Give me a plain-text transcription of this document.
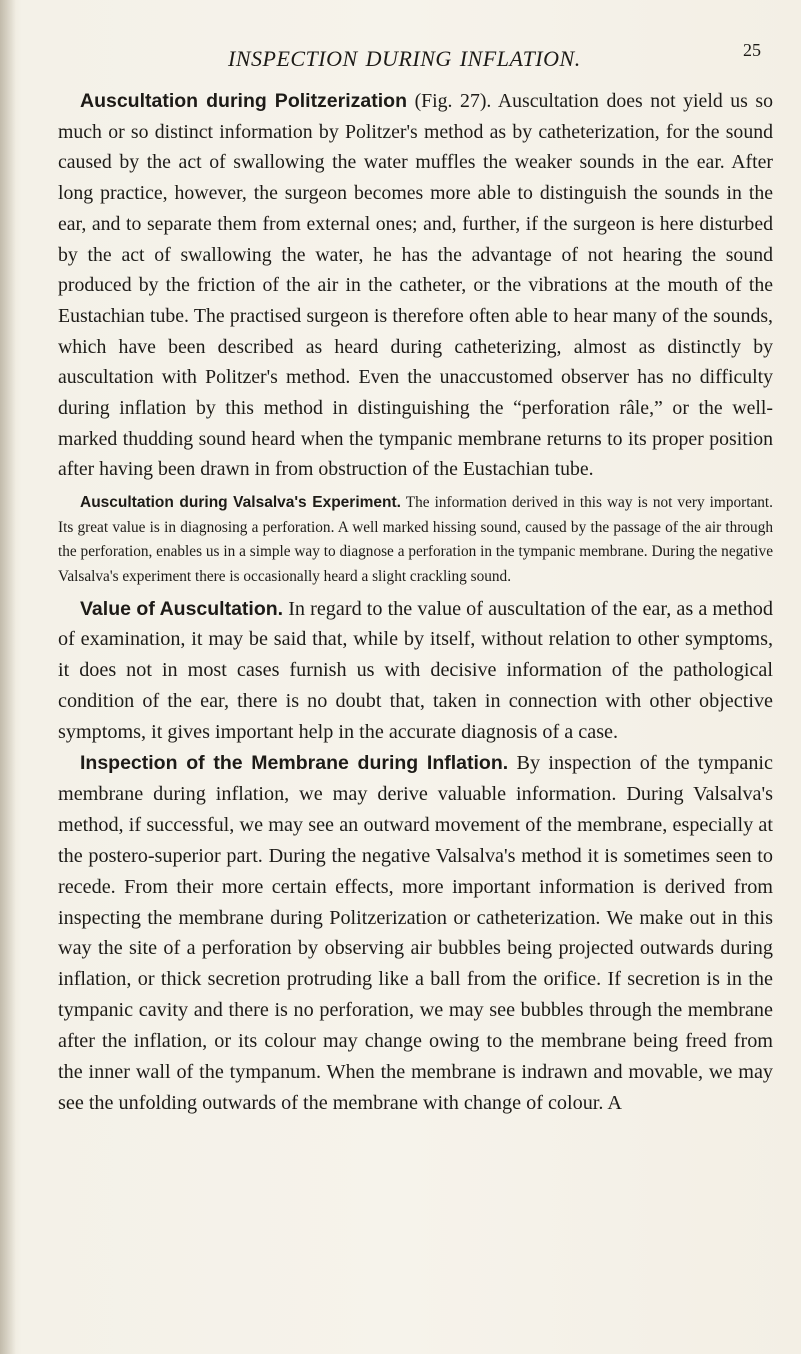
INSPECTION DURING INFLATION.	25

Auscultation during Politzerization (Fig. 27). Auscultation does not yield us so much or so distinct information by Politzer's method as by catheterization, for the sound caused by the act of swallowing the water muffles the weaker sounds in the ear. After long practice, however, the surgeon becomes more able to distinguish the sounds in the ear, and to separate them from external ones; and, further, if the surgeon is here disturbed by the act of swallowing the water, he has the advantage of not hearing the sound produced by the friction of the air in the catheter, or the vibrations at the mouth of the Eustachian tube. The practised surgeon is therefore often able to hear many of the sounds, which have been described as heard during catheterizing, almost as distinctly by auscultation with Politzer's method. Even the unaccustomed observer has no difficulty during inflation by this method in distinguishing the “perforation râle,” or the well-marked thudding sound heard when the tympanic membrane returns to its proper position after having been drawn in from obstruction of the Eustachian tube.

Auscultation during Valsalva's Experiment. The information derived in this way is not very important. Its great value is in diagnosing a perforation. A well marked hissing sound, caused by the passage of the air through the perforation, enables us in a simple way to diagnose a perforation in the tympanic membrane. During the negative Valsalva's experiment there is occasionally heard a slight crackling sound.

Value of Auscultation. In regard to the value of auscultation of the ear, as a method of examination, it may be said that, while by itself, without relation to other symptoms, it does not in most cases furnish us with decisive information of the pathological condition of the ear, there is no doubt that, taken in connection with other objective symptoms, it gives important help in the accurate diagnosis of a case.

Inspection of the Membrane during Inflation. By inspection of the tympanic membrane during inflation, we may derive valuable information. During Valsalva's method, if successful, we may see an outward movement of the membrane, especially at the postero-superior part. During the negative Valsalva's method it is sometimes seen to recede. From their more certain effects, more important information is derived from inspecting the membrane during Politzerization or catheterization. We make out in this way the site of a perforation by observing air bubbles being projected outwards during inflation, or thick secretion protruding like a ball from the orifice. If secretion is in the tympanic cavity and there is no perforation, we may see bubbles through the membrane after the inflation, or its colour may change owing to the membrane being freed from the inner wall of the tympanum. When the membrane is indrawn and movable, we may see the unfolding outwards of the membrane with change of colour. A
